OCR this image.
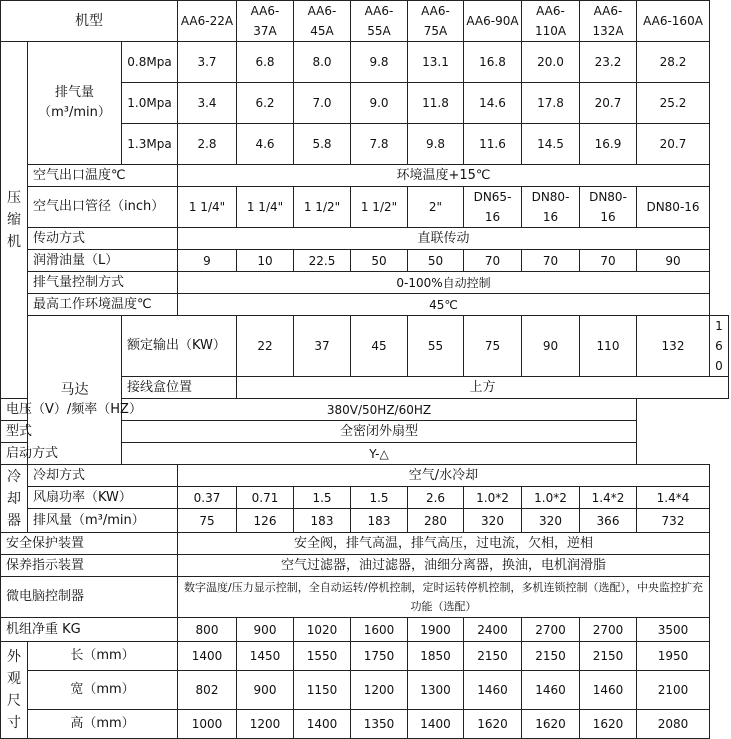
机型			AA6-22A	AA6-37A	AA6-45A	AA6-55A	AA6-75A	AA6-90A	AA6-110A	AA6-132A	AA6-160A	
压缩机	排气量（m³/min）	0.8Mpa	3.7	6.8	8.0	9.8	13.1	16.8	20.0	23.2	28.2	
		1.0Mpa	3.4	6.2	7.0	9.0	11.8	14.6	17.8	20.7	25.2	
		1.3Mpa	2.8	4.6	5.8	7.8	9.8	11.6	14.5	16.9	20.7	
	空气出口温度℃		环境温度+15℃									
	空气出口管径（inch）		1 1/4"	1 1/4"	1 1/2"	1 1/2"	2"	DN65-16	DN80-16	DN80-16	DN80-16	
	传动方式		直联传动									
	润滑油量（L）		9	10	22.5	50	50	70	70	70	90	
	排气量控制方式		0-100%自动控制									
	最高工作环境温度℃		45℃									
	马达	额定输出（KW）		22	37	45	55	75	90	110	132	160
		接线盒位置		上方								
电压（V）/频率（HZ）		380V/50HZ/60HZ										
型式		全密闭外扇型										
启动方式		Y-△										
冷却器	冷却方式		空气/水冷却									
	风扇功率（KW）		0.37	0.71	1.5	1.5	2.6	1.0*2	1.0*2	1.4*2	1.4*4	
	排风量（m³/min）		75	126	183	183	280	320	320	366	732	
安全保护装置			安全阀，排气高温，排气高压，过电流，欠相，逆相									
保养指示装置			空气过滤器，油过滤器，油细分离器，换油，电机润滑脂									
微电脑控制器			数字温度/压力显示控制，全自动运转/停机控制，定时运转停机控制，多机连锁控制（选配），中央监控扩充功能（选配）									
机组净重 KG			800	900	1020	1600	1900	2400	2700	2700	3500	
外观尺寸	长（mm）		1400	1450	1550	1750	1850	2150	2150	2150	1950	
	宽（mm）		802	900	1150	1200	1300	1460	1460	1460	2100	
	高（mm）		1000	1200	1400	1350	1400	1620	1620	1620	2080	
